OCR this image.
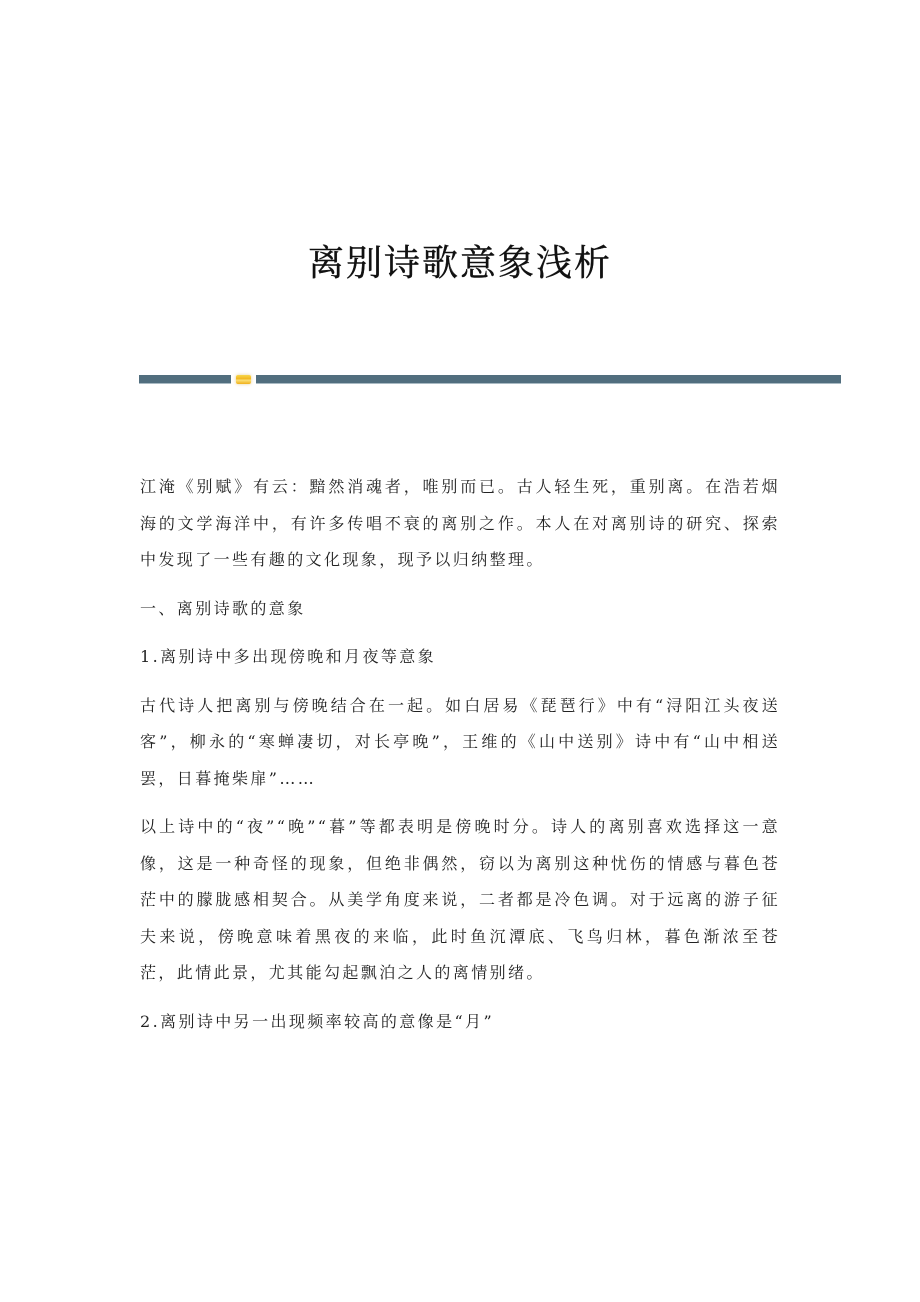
离别诗歌意象浅析

江淹《别赋》有云：黯然消魂者，唯别而已。古人轻生死，重别离。在浩若烟海的文学海洋中，有许多传唱不衰的离别之作。本人在对离别诗的研究、探索中发现了一些有趣的文化现象，现予以归纳整理。

一、离别诗歌的意象

1.离别诗中多出现傍晚和月夜等意象

古代诗人把离别与傍晚结合在一起。如白居易《琵琶行》中有“浔阳江头夜送客”，柳永的“寒蝉凄切，对长亭晚”，王维的《山中送别》诗中有“山中相送罢，日暮掩柴扉”……

以上诗中的“夜”“晚”“暮”等都表明是傍晚时分。诗人的离别喜欢选择这一意像，这是一种奇怪的现象，但绝非偶然，窃以为离别这种忧伤的情感与暮色苍茫中的朦胧感相契合。从美学角度来说，二者都是冷色调。对于远离的游子征夫来说，傍晚意味着黑夜的来临，此时鱼沉潭底、飞鸟归林，暮色渐浓至苍茫，此情此景，尤其能勾起飘泊之人的离情别绪。

2.离别诗中另一出现频率较高的意像是“月”
